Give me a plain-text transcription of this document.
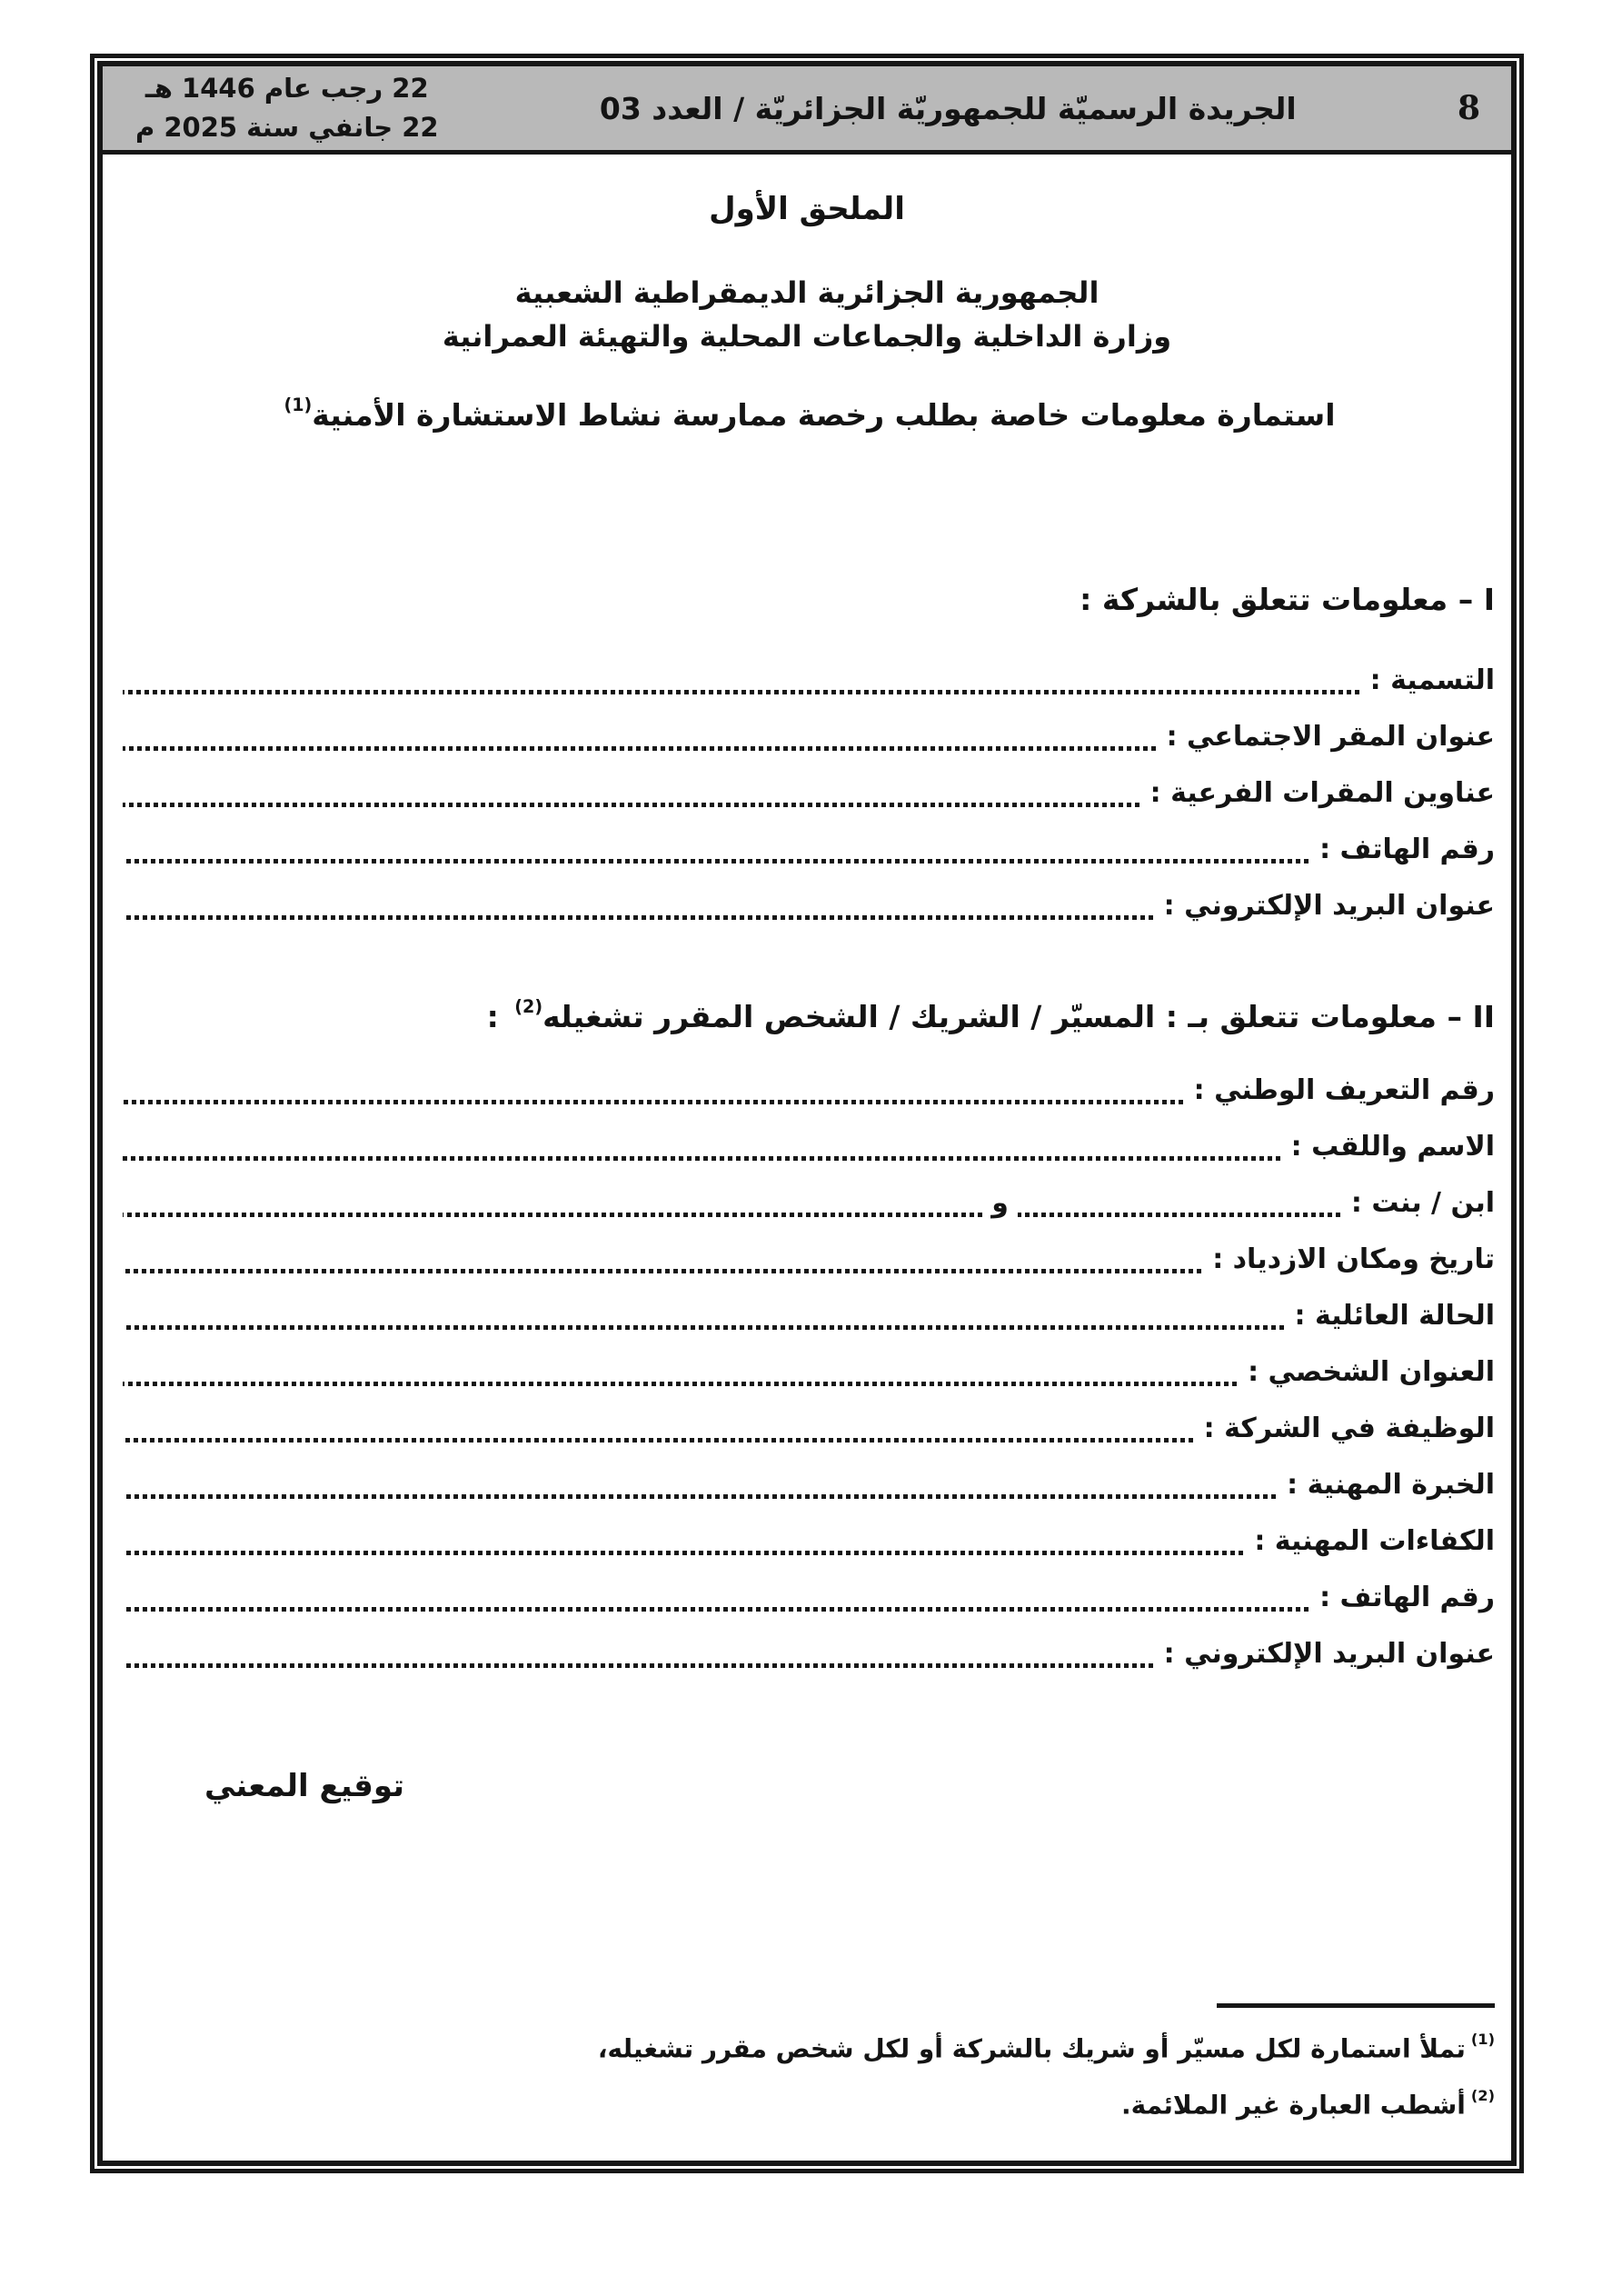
8
الجريدة الرسميّة للجمهوريّة الجزائريّة / العدد 03
22 رجب عام 1446 هـ
22 جانفي سنة 2025 م
الملحق الأول
الجمهورية الجزائرية الديمقراطية الشعبية
وزارة الداخلية والجماعات المحلية والتهيئة العمرانية
استمارة معلومات خاصة بطلب رخصة ممارسة نشاط الاستشارة الأمنية$^{(1)}$
I – معلومات تتعلق بالشركة :
التسمية :
عنوان المقر الاجتماعي :
عناوين المقرات الفرعية :
رقم الهاتف :
عنوان البريد الإلكتروني :
II – معلومات تتعلق بـ : المسيّر / الشريك / الشخص المقرر تشغيله$^{(2)}$ :
رقم التعريف الوطني :
الاسم واللقب :
ابن / بنت :
و
تاريخ ومكان الازدياد :
الحالة العائلية :
العنوان الشخصي :
الوظيفة في الشركة :
الخبرة المهنية :
الكفاءات المهنية :
رقم الهاتف :
عنوان البريد الإلكتروني :
توقيع المعني
$^{(1)}$تملأ استمارة لكل مسيّر أو شريك بالشركة أو لكل شخص مقرر تشغيله،
$^{(2)}$أشطب العبارة غير الملائمة.
